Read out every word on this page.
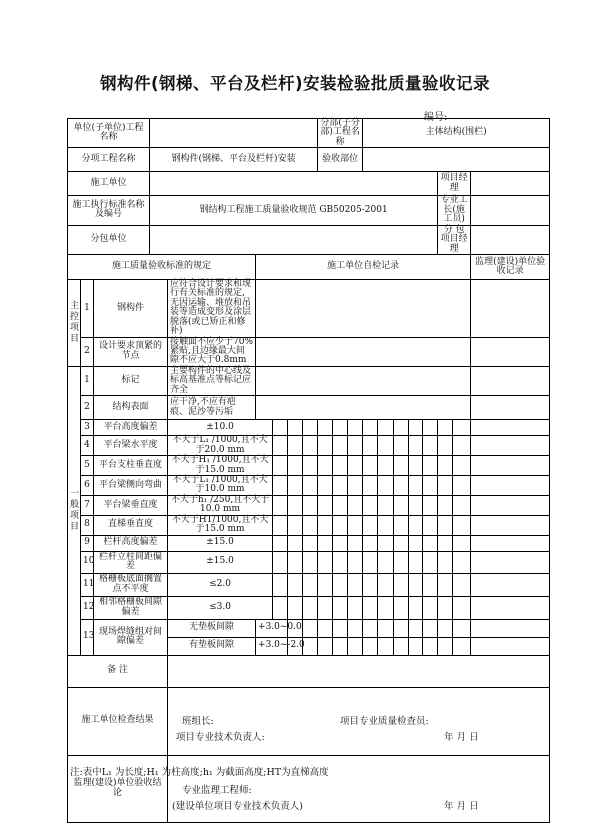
钢构件(钢梯、平台及栏杆)安装检验批质量验收记录
编号:
单位(子单位)工程名称									分部(子分部)工程名称			主体结构(围栏)							
分项工程名称			钢构件(钢梯、平台及栏杆)安装						验收部位										
施工单位																	项目经理		
施工执行标准名称及编号			钢结构工程施工质量验收规范 GB50205-2001														专业工长(施工员)		
分包单位																	分 包 项目经理		
施工质量验收标准的规定					施工单位自检记录														监理(建设)单位验收记录
主控项目	1	钢构件		应符合设计要求和现行有关标准的规定,无因运输、堆放和吊装等造成变形及涂层脱落(或已矫正和修补)															
	2	设计要求顶紧的节点		接触面不应少于70%紧贴,且边缘最大间隙不应大于0.8mm															
一 般 项 目	1	标记		主要构件的中心线及标高基准点等标记应齐全															
	2	结构表面		应干净,不应有疤痕、泥沙等污垢															
	3	平台高度偏差		±10.0															
	4	平台梁水平度		不大于L₁ /1000,且不大于20.0 mm															
	5	平台支柱垂直度		不大于H₁ /1000,且不大于15.0 mm															
	6	平台梁侧向弯曲		不大于L₁ /1000,且不大于10.0 mm															
	7	平台梁垂直度		不大于h₁ /250,且不大于10.0 mm															
	8	直梯垂直度		不大于HT/1000,且不大于15.0 mm															
	9	栏杆高度偏差		±15.0															
	10	栏杆立柱间距偏差		±15.0															
	11	格栅板底面搁置点不平度		≤2.0															
	12	相邻格栅板间隙偏差		≤3.0															
	13	现场焊缝组对间隙偏差		无垫板间隙	+3.0~0.0														
				有垫板间隙	+3.0~-2.0														
备 注																			
施工单位检查结果				班组长: 项目专业质量检查员:
项目专业技术负责人: 年 月 日															

监理(建设)单位验收结论				专业监理工程师:
(建设单位项目专业技术负责人) 年 月 日															
注:表中L₁ 为长度;H₁ 为柱高度;h₁ 为截面高度;HT为直梯高度
